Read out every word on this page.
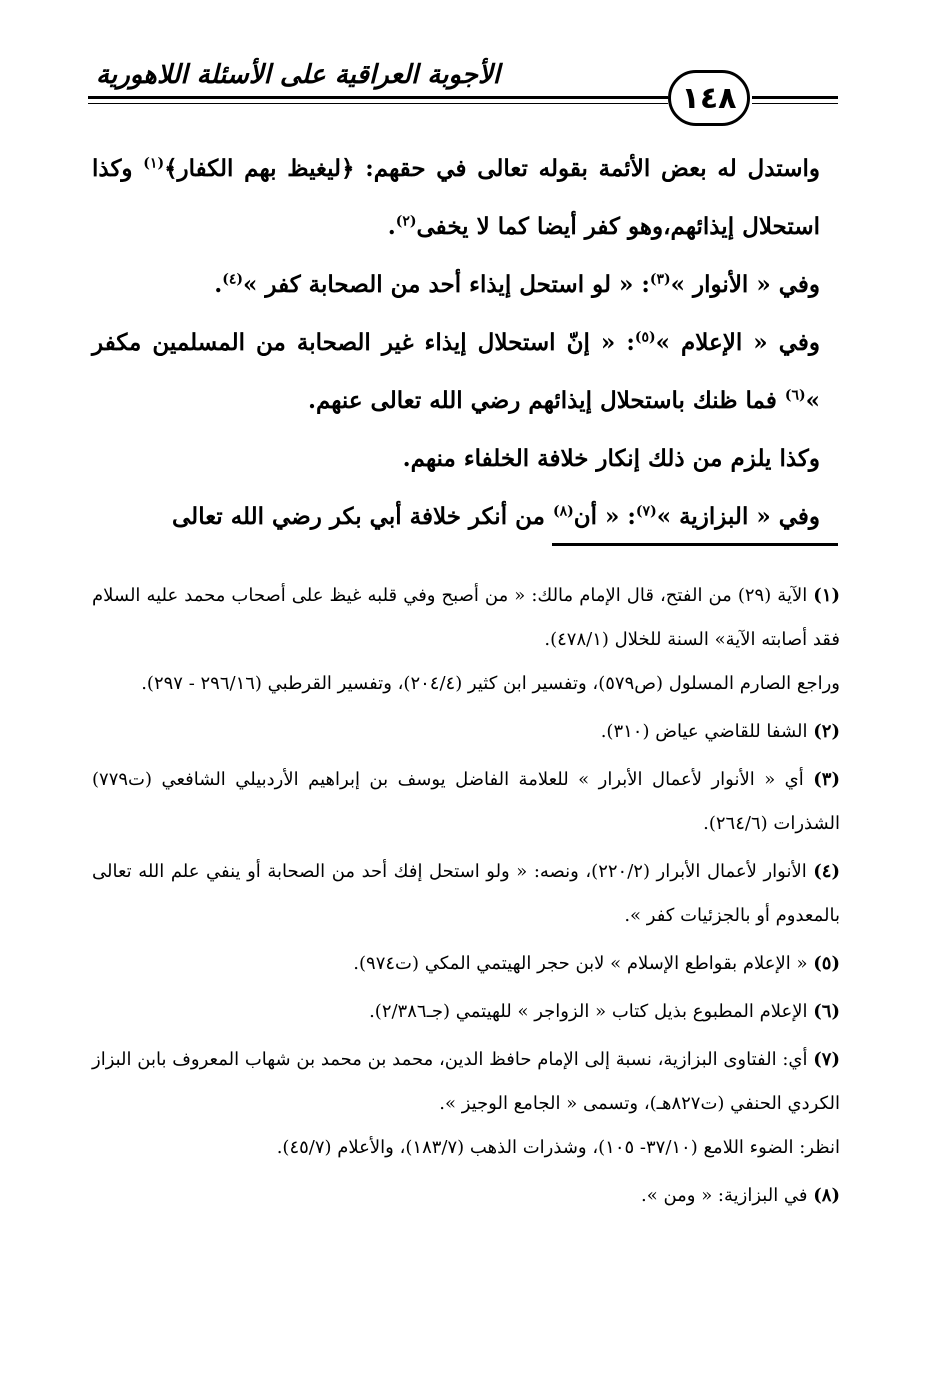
الأجوبة العراقية على الأسئلة اللاهورية
١٤٨

واستدل له بعض الأئمة بقوله تعالى في حقهم: ﴿ليغيظ بهم الكفار﴾$^{(١)}$ وكذا استحلال إيذائهم،وهو كفر أيضا كما لا يخفى$^{(٢)}$.

وفي « الأنوار »$^{(٣)}$: « لو استحل إيذاء أحد من الصحابة كفر »$^{(٤)}$.

وفي « الإعلام »$^{(٥)}$: « إنّ استحلال إيذاء غير الصحابة من المسلمين مكفر »$^{(٦)}$ فما ظنك باستحلال إيذائهم رضي الله تعالى عنهم.

وكذا يلزم من ذلك إنكار خلافة الخلفاء منهم.

وفي « البزازية »$^{(٧)}$: « أن$^{(٨)}$ من أنكر خلافة أبي بكر رضي الله تعالى

(١) الآية (٢٩) من الفتح، قال الإمام مالك: « من أصبح وفي قلبه غيظ على أصحاب محمد عليه السلام فقد أصابته الآية» السنة للخلال (٤٧٨/١).
وراجع الصارم المسلول (ص٥٧٩)، وتفسير ابن كثير (٢٠٤/٤)، وتفسير القرطبي (٢٩٦/١٦ - ٢٩٧).
(٢) الشفا للقاضي عياض (٣١٠).
(٣) أي « الأنوار لأعمال الأبرار » للعلامة الفاضل يوسف بن إبراهيم الأردبيلي الشافعي (ت٧٧٩) الشذرات (٢٦٤/٦).
(٤) الأنوار لأعمال الأبرار (٢٢٠/٢)، ونصه: « ولو استحل إفك أحد من الصحابة أو ينفي علم الله تعالى بالمعدوم أو بالجزئيات كفر ».
(٥) « الإعلام بقواطع الإسلام » لابن حجر الهيتمي المكي (ت٩٧٤).
(٦) الإعلام المطبوع بذيل كتاب « الزواجر » للهيتمي (جـ٢/٣٨٦).
(٧) أي: الفتاوى البزازية، نسبة إلى الإمام حافظ الدين، محمد بن محمد بن شهاب المعروف بابن البزاز الكردي الحنفي (ت٨٢٧هـ)، وتسمى « الجامع الوجيز ».
انظر: الضوء اللامع (٣٧/١٠- ١٠٥)، وشذرات الذهب (١٨٣/٧)، والأعلام (٤٥/٧).
(٨) في البزازية: « ومن ».
